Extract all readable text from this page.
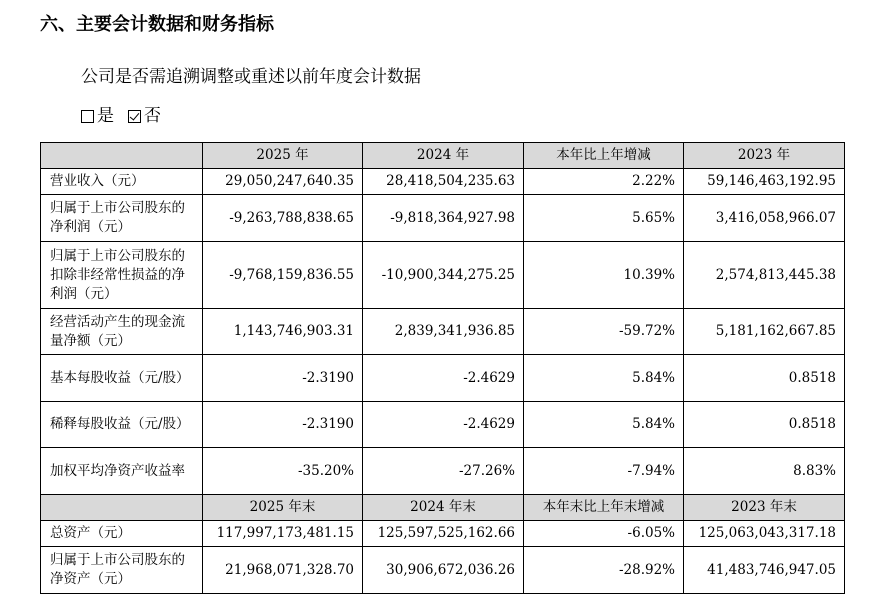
六、主要会计数据和财务指标
公司是否需追溯调整或重述以前年度会计数据
是 否
	2025 年	2024 年	本年比上年增减	2023 年
营业收入（元）	29,050,247,640.35	28,418,504,235.63	2.22%	59,146,463,192.95
归属于上市公司股东的净利润（元）	-9,263,788,838.65	-9,818,364,927.98	5.65%	3,416,058,966.07
归属于上市公司股东的扣除非经常性损益的净利润（元）	-9,768,159,836.55	-10,900,344,275.25	10.39%	2,574,813,445.38
经营活动产生的现金流量净额（元）	1,143,746,903.31	2,839,341,936.85	-59.72%	5,181,162,667.85
基本每股收益（元/股）	-2.3190	-2.4629	5.84%	0.8518
稀释每股收益（元/股）	-2.3190	-2.4629	5.84%	0.8518
加权平均净资产收益率	-35.20%	-27.26%	-7.94%	8.83%
	2025 年末	2024 年末	本年末比上年末增减	2023 年末
总资产（元）	117,997,173,481.15	125,597,525,162.66	-6.05%	125,063,043,317.18
归属于上市公司股东的净资产（元）	21,968,071,328.70	30,906,672,036.26	-28.92%	41,483,746,947.05
